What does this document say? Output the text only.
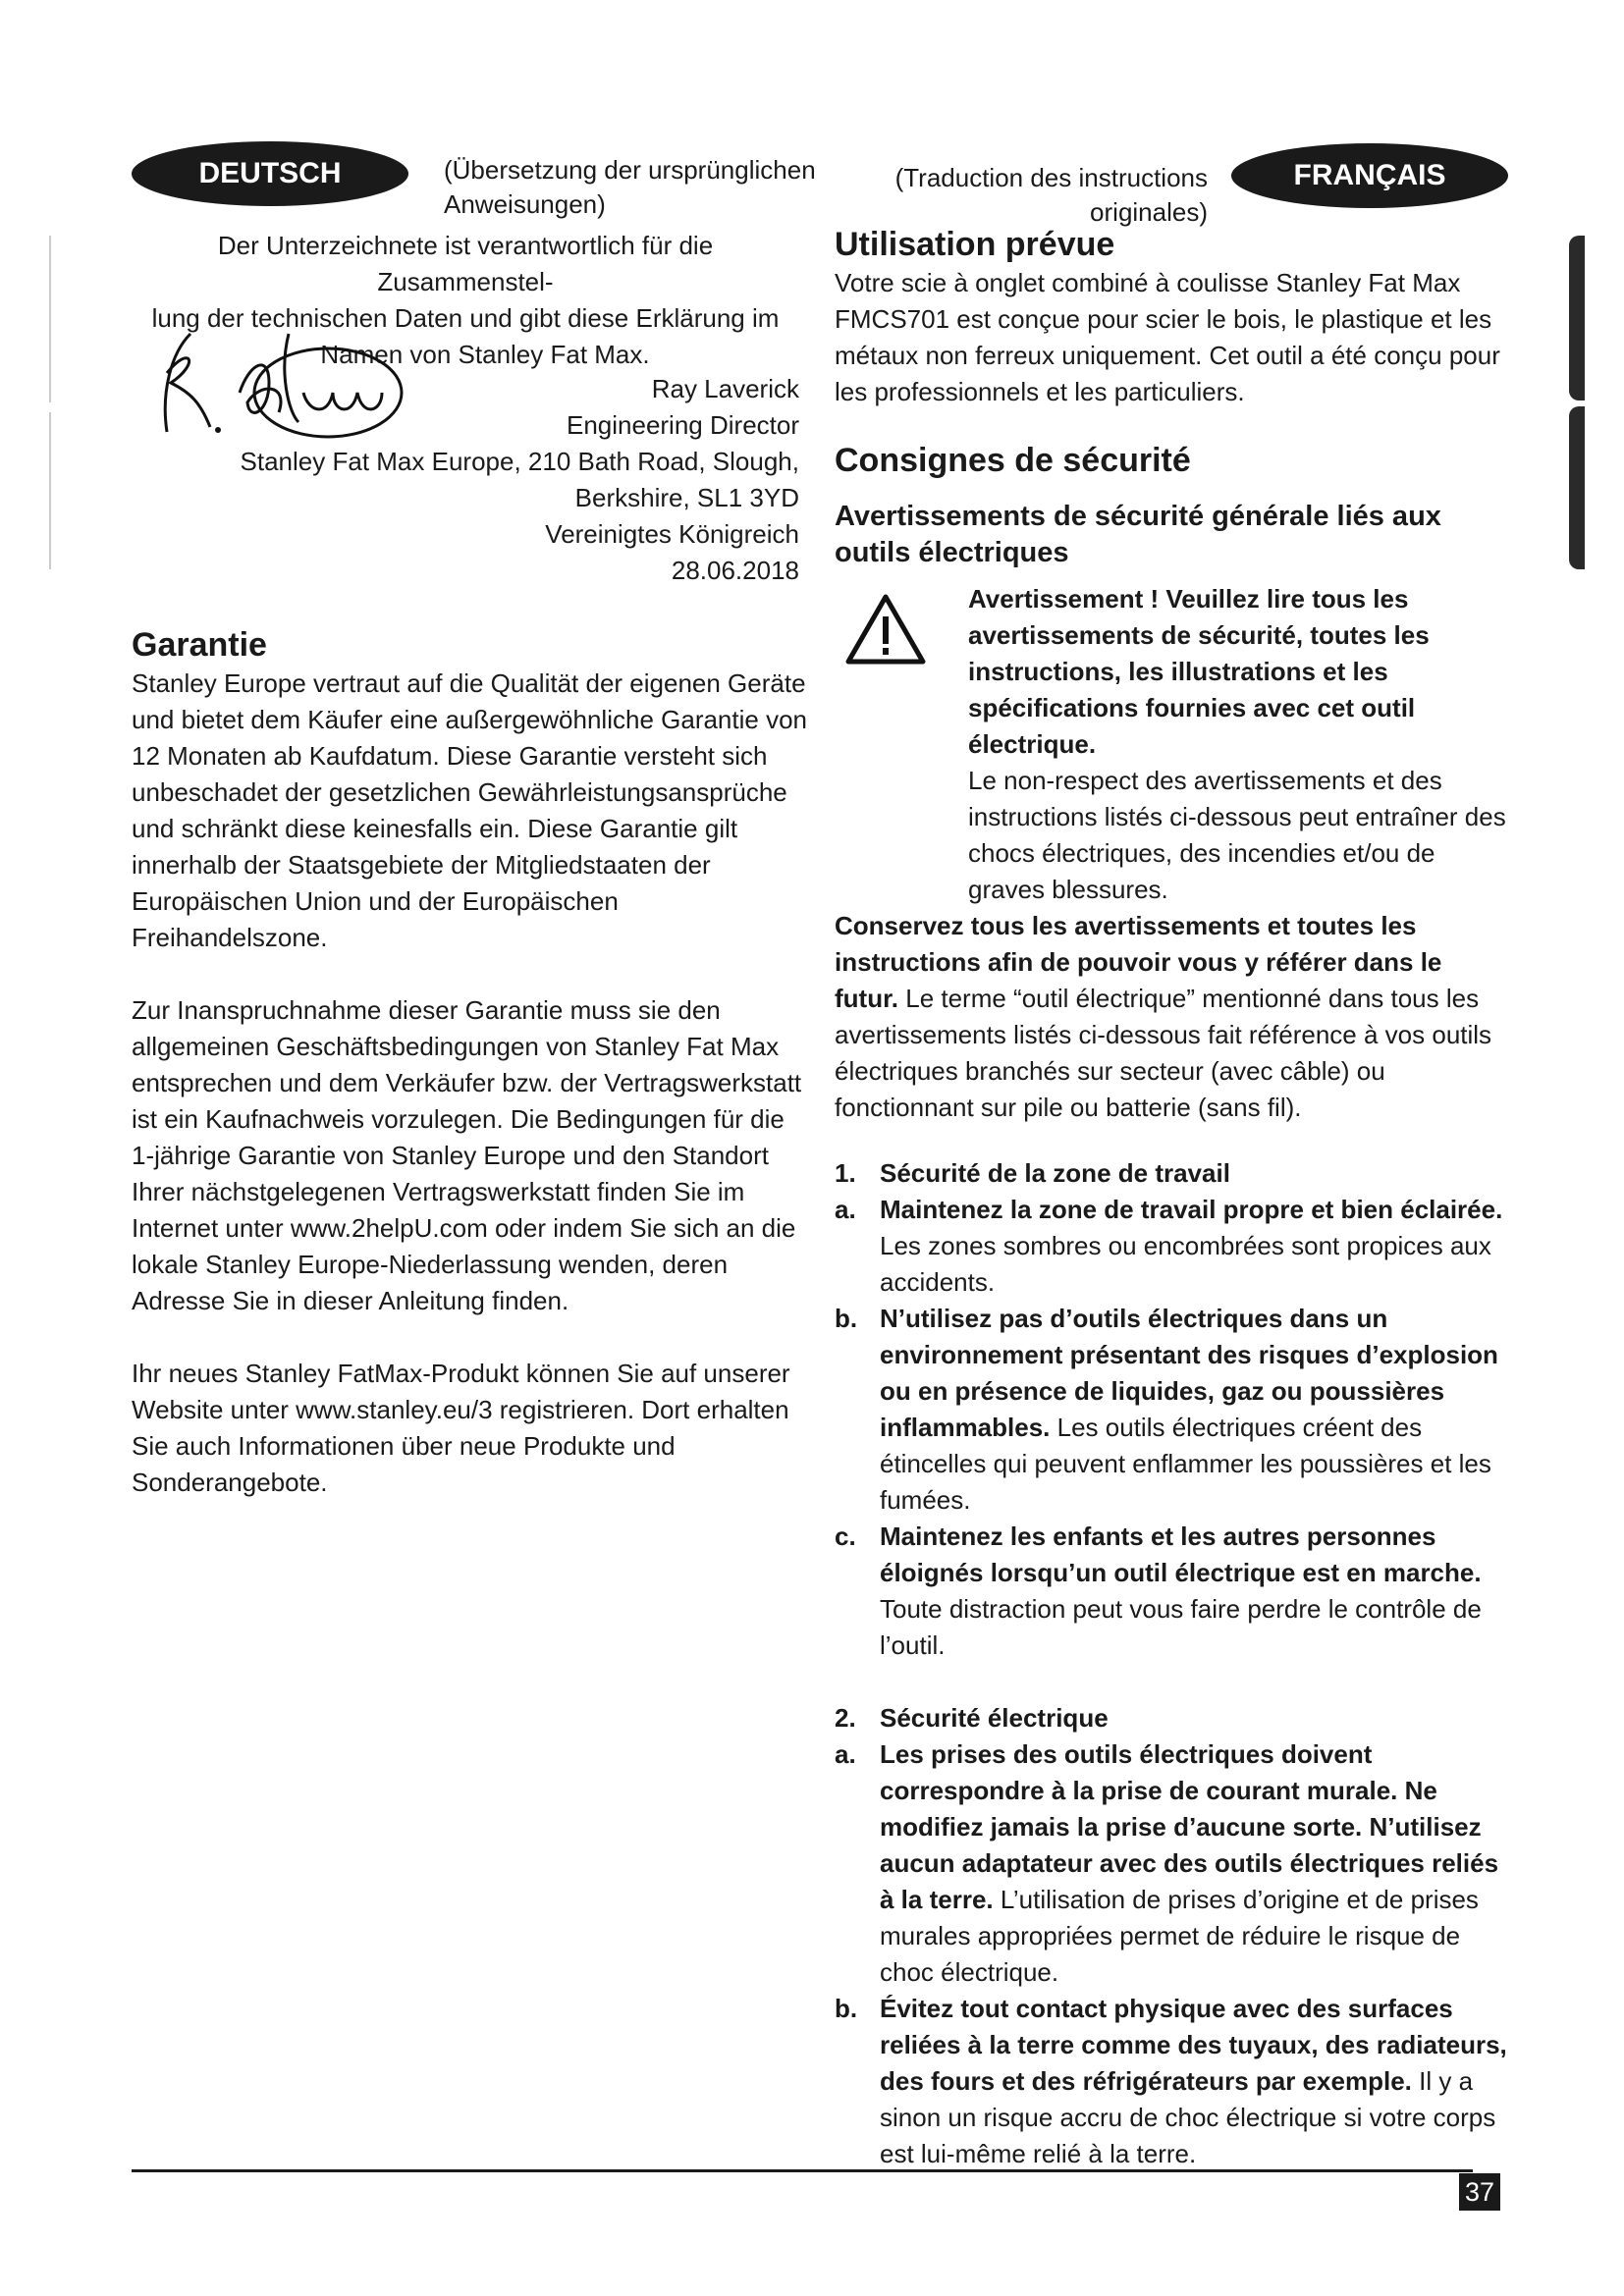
DEUTSCH	(Übersetzung der ursprünglichen Anweisungen)
Der Unterzeichnete ist verantwortlich für die Zusammenstel-
lung der technischen Daten und gibt diese Erklärung im
Namen von Stanley Fat Max.
Ray Laverick
Engineering Director
Stanley Fat Max Europe, 210 Bath Road, Slough,
Berkshire, SL1 3YD
Vereinigtes Königreich
28.06.2018
Garantie

Stanley Europe vertraut auf die Qualität der eigenen Geräte und bietet dem Käufer eine außergewöhnliche Garantie von 12 Monaten ab Kaufdatum. Diese Garantie versteht sich unbeschadet der gesetzlichen Gewährleistungsansprüche und schränkt diese keinesfalls ein. Diese Garantie gilt innerhalb der Staatsgebiete der Mitgliedstaaten der Europäischen Union und der Europäischen Freihandelszone.

Zur Inanspruchnahme dieser Garantie muss sie den allgemeinen Geschäftsbedingungen von Stanley Fat Max entsprechen und dem Verkäufer bzw. der Vertragswerkstatt ist ein Kaufnachweis vorzulegen. Die Bedingungen für die 1-jährige Garantie von Stanley Europe und den Standort Ihrer nächstgelegenen Vertragswerkstatt finden Sie im Internet unter www.2helpU.com oder indem Sie sich an die lokale Stanley Europe-Niederlassung wenden, deren Adresse Sie in dieser Anleitung finden.

Ihr neues Stanley FatMax-Produkt können Sie auf unserer Website unter www.stanley.eu/3 registrieren. Dort erhalten Sie auch Informationen über neue Produkte und Sonderangebote.

(Traduction des instructions originales)
FRANÇAIS
Utilisation prévue

Votre scie à onglet combiné à coulisse Stanley Fat Max FMCS701 est conçue pour scier le bois, le plastique et les métaux non ferreux uniquement. Cet outil a été conçu pour les professionnels et les particuliers.

Consignes de sécurité
Avertissements de sécurité générale liés aux outils électriques

Avertissement ! Veuillez lire tous les avertissements de sécurité, toutes les instructions, les illustrations et les spécifications fournies avec cet outil électrique.

Le non-respect des avertissements et des instructions listés ci-dessous peut entraîner des chocs électriques, des incendies et/ou de graves blessures.

Conservez tous les avertissements et toutes les instructions afin de pouvoir vous y référer dans le futur. Le terme “outil électrique” mentionné dans tous les avertissements listés ci-dessous fait référence à vos outils électriques branchés sur secteur (avec câble) ou fonctionnant sur pile ou batterie (sans fil).

1. Sécurité de la zone de travail
a. Maintenez la zone de travail propre et bien éclairée. Les zones sombres ou encombrées sont propices aux accidents.
b. N’utilisez pas d’outils électriques dans un environnement présentant des risques d’explosion ou en présence de liquides, gaz ou poussières inflammables. Les outils électriques créent des étincelles qui peuvent enflammer les poussières et les fumées.
c. Maintenez les enfants et les autres personnes éloignés lorsqu’un outil électrique est en marche. Toute distraction peut vous faire perdre le contrôle de l’outil.
2. Sécurité électrique
a. Les prises des outils électriques doivent correspondre à la prise de courant murale. Ne modifiez jamais la prise d’aucune sorte. N’utilisez aucun adaptateur avec des outils électriques reliés à la terre. L’utilisation de prises d’origine et de prises murales appropriées permet de réduire le risque de choc électrique.
b. Évitez tout contact physique avec des surfaces reliées à la terre comme des tuyaux, des radiateurs, des fours et des réfrigérateurs par exemple. Il y a sinon un risque accru de choc électrique si votre corps est lui-même relié à la terre.
37
